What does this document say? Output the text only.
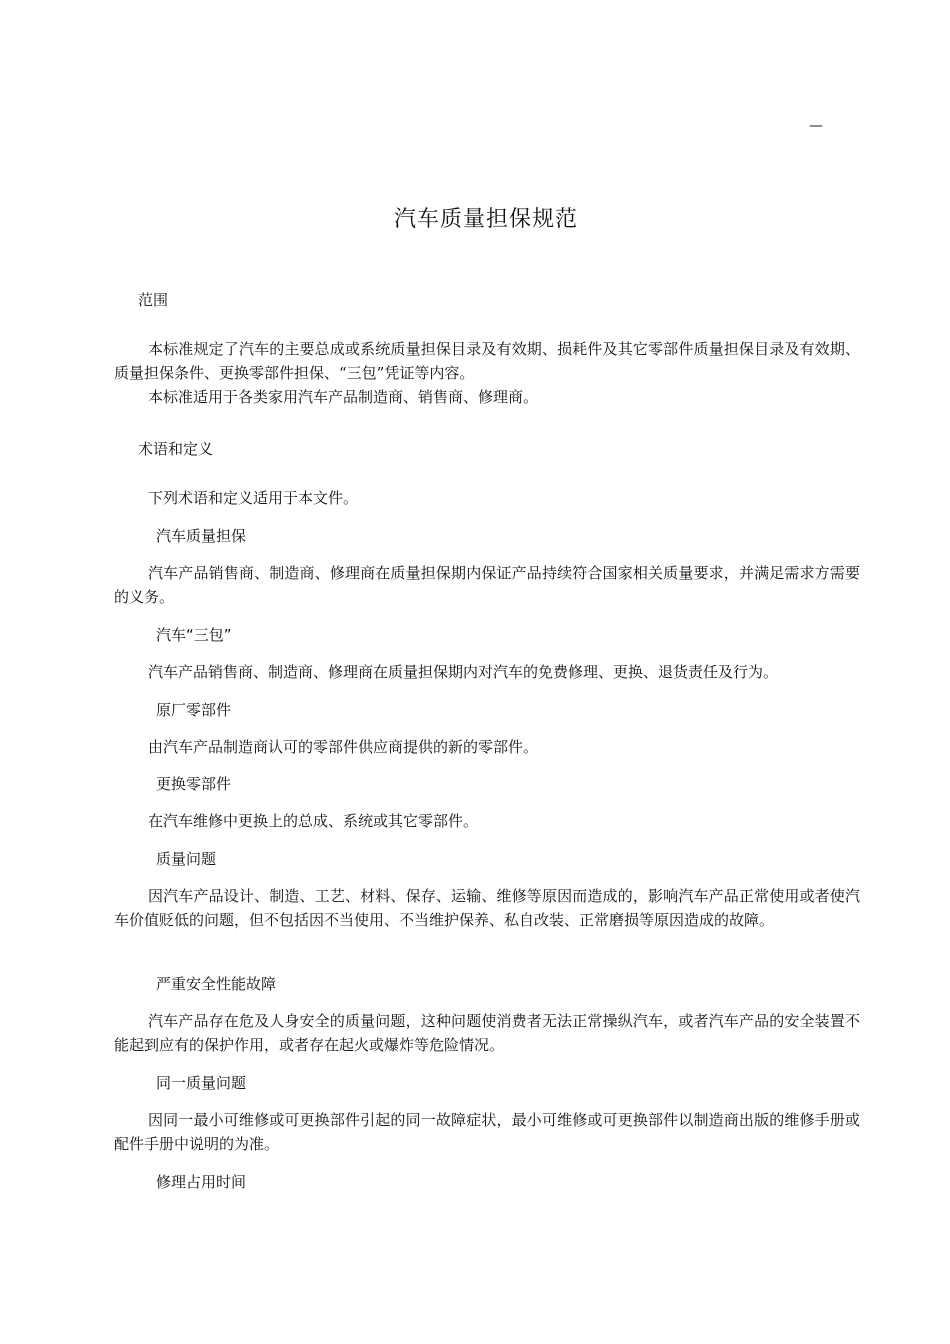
—
汽车质量担保规范
范围
本标准规定了汽车的主要总成或系统质量担保目录及有效期、损耗件及其它零部件质量担保目录及有效期、质量担保条件、更换零部件担保、“三包”凭证等内容。
本标准适用于各类家用汽车产品制造商、销售商、修理商。
术语和定义
下列术语和定义适用于本文件。
汽车质量担保
汽车产品销售商、制造商、修理商在质量担保期内保证产品持续符合国家相关质量要求，并满足需求方需要的义务。
汽车“三包”
汽车产品销售商、制造商、修理商在质量担保期内对汽车的免费修理、更换、退货责任及行为。
原厂零部件
由汽车产品制造商认可的零部件供应商提供的新的零部件。
更换零部件
在汽车维修中更换上的总成、系统或其它零部件。
质量问题
因汽车产品设计、制造、工艺、材料、保存、运输、维修等原因而造成的，影响汽车产品正常使用或者使汽车价值贬低的问题，但不包括因不当使用、不当维护保养、私自改装、正常磨损等原因造成的故障。
严重安全性能故障
汽车产品存在危及人身安全的质量问题，这种问题使消费者无法正常操纵汽车，或者汽车产品的安全装置不能起到应有的保护作用，或者存在起火或爆炸等危险情况。
同一质量问题
因同一最小可维修或可更换部件引起的同一故障症状，最小可维修或可更换部件以制造商出版的维修手册或配件手册中说明的为准。
修理占用时间
